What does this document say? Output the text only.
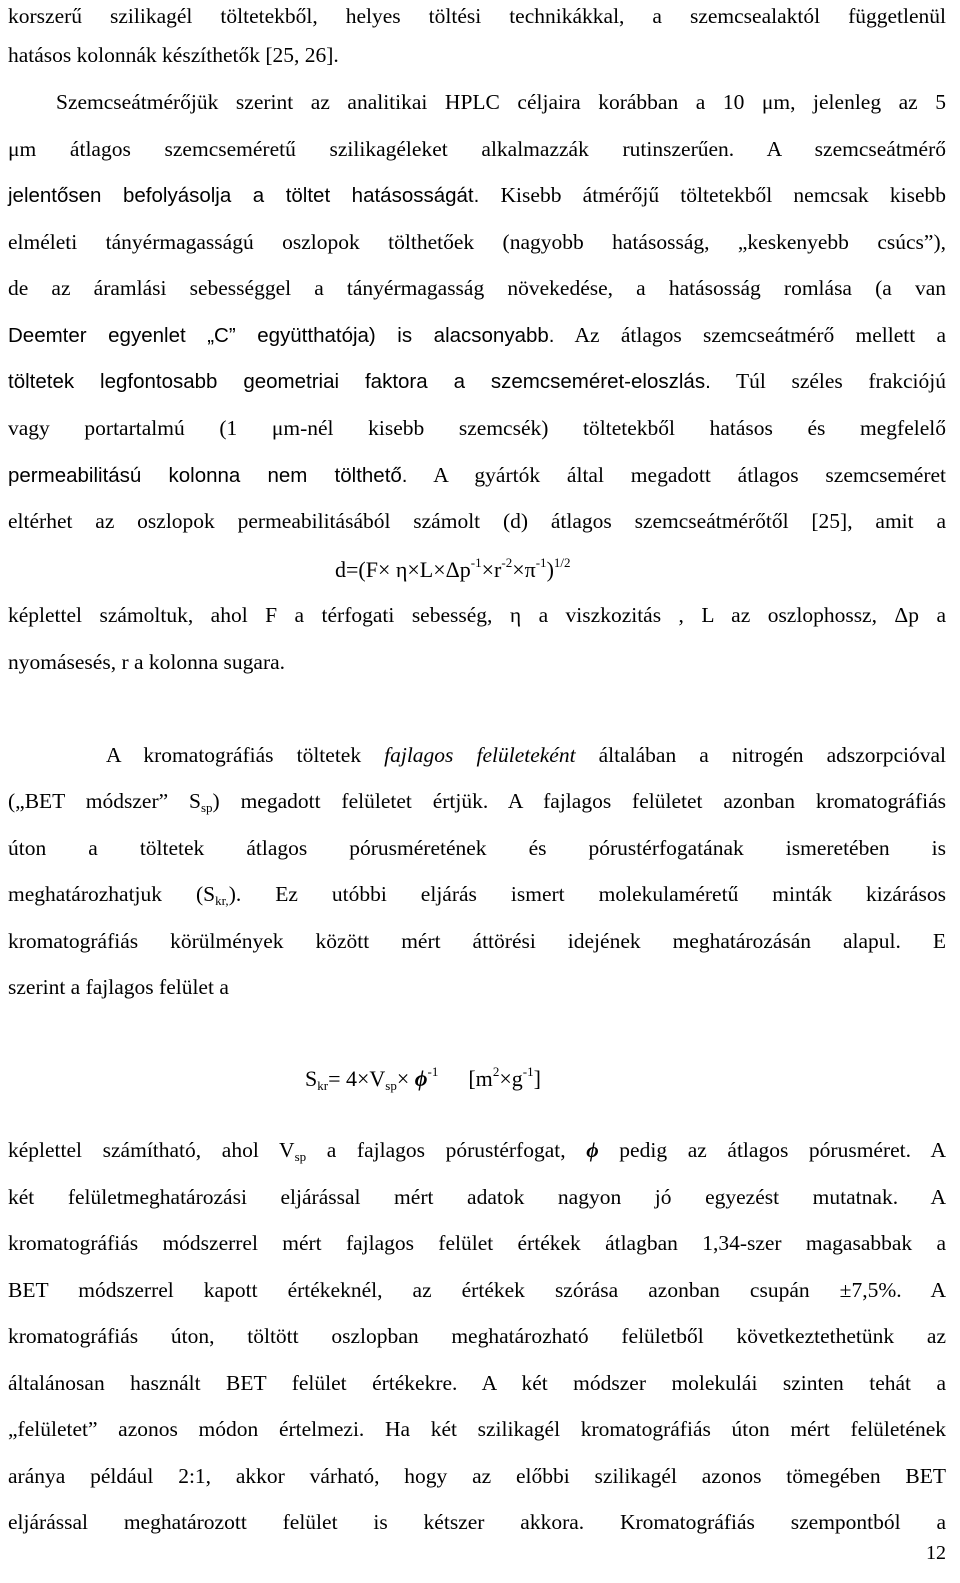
korszerű szilikagél töltetekből, helyes töltési technikákkal, a szemcsealaktól függetlenül
hatásos kolonnák készíthetők [25, 26].
Szemcseátmérőjük szerint az analitikai HPLC céljaira korábban a 10 μm, jelenleg az 5
μm átlagos szemcseméretű szilikagéleket alkalmazzák rutinszerűen. A szemcseátmérő
jelentősen befolyásolja a töltet hatásosságát. Kisebb átmérőjű töltetekből nemcsak kisebb
elméleti tányérmagasságú oszlopok tölthetőek (nagyobb hatásosság, „keskenyebb csúcs”),
de az áramlási sebességgel a tányérmagasság növekedése, a hatásosság romlása (a van
Deemter egyenlet „C” együtthatója) is alacsonyabb. Az átlagos szemcseátmérő mellett a
töltetek legfontosabb geometriai faktora a szemcseméret-eloszlás. Túl széles frakciójú
vagy portartalmú (1 μm-nél kisebb szemcsék) töltetekből hatásos és megfelelő
permeabilitású kolonna nem tölthető. A gyártók által megadott átlagos szemcseméret
eltérhet az oszlopok permeabilitásából számolt (d) átlagos szemcseátmérőtől [25], amit a
$d=(F\times \eta\times L\times\Delta p^{-1}\times r^{-2}\times\pi^{-1})^{1/2}$
képlettel számoltuk, ahol F a térfogati sebesség, η a viszkozitás , L az oszlophossz, Δp a
nyomásesés, r a kolonna sugara.
A kromatográfiás töltetek fajlagos felületeként általában a nitrogén adszorpcióval
(„BET módszer” $S_{sp}$) megadott felületet értjük. A fajlagos felületet azonban kromatográfiás
úton a töltetek átlagos pórusméretének és pórustérfogatának ismeretében is
meghatározhatjuk $(S_{kr,})$. Ez utóbbi eljárás ismert molekulaméretű minták kizárásos
kromatográfiás körülmények között mért áttörési idejének meghatározásán alapul. E
szerint a fajlagos felület a
$S_{kr}= 4\times V_{sp}\times \phi^{-1}$ $[m^2\times g^{-1}]$
képlettel számítható, ahol $V_{sp}$ a fajlagos pórustérfogat, ϕ pedig az átlagos pórusméret. A
két felületmeghatározási eljárással mért adatok nagyon jó egyezést mutatnak. A
kromatográfiás módszerrel mért fajlagos felület értékek átlagban 1,34-szer magasabbak a
BET módszerrel kapott értékeknél, az értékek szórása azonban csupán ±7,5%. A
kromatográfiás úton, töltött oszlopban meghatározható felületből következtethetünk az
általánosan használt BET felület értékekre. A két módszer molekulái szinten tehát a
„felületet” azonos módon értelmezi. Ha két szilikagél kromatográfiás úton mért felületének
aránya például 2:1, akkor várható, hogy az előbbi szilikagél azonos tömegében BET
eljárással meghatározott felület is kétszer akkora. Kromatográfiás szempontból a
12
